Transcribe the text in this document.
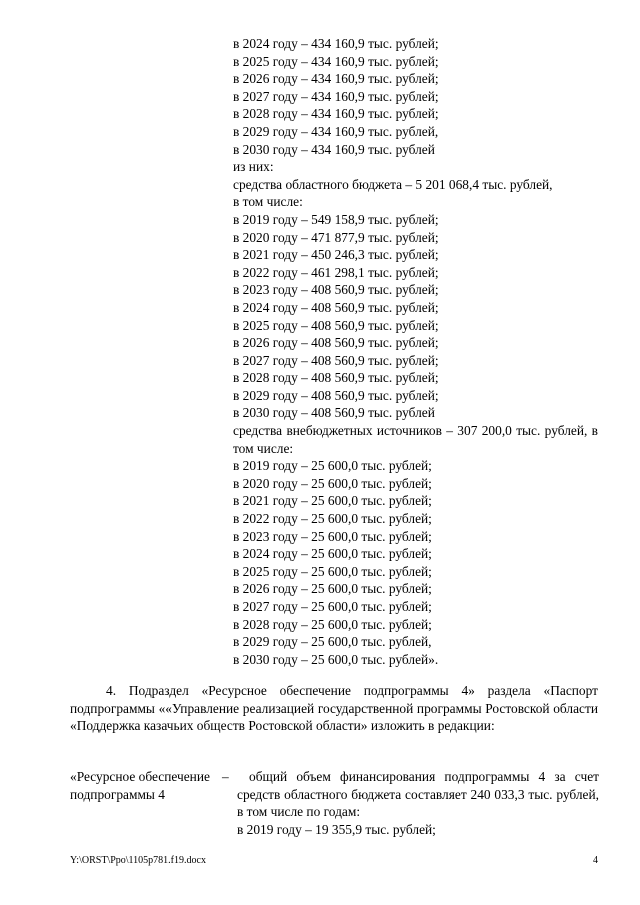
в 2024 году – 434 160,9 тыс. рублей;
в 2025 году – 434 160,9 тыс. рублей;
в 2026 году – 434 160,9 тыс. рублей;
в 2027 году – 434 160,9 тыс. рублей;
в 2028 году – 434 160,9 тыс. рублей;
в 2029 году – 434 160,9 тыс. рублей,
в 2030 году – 434 160,9 тыс. рублей
из них:
средства областного бюджета – 5 201 068,4 тыс. рублей,
в том числе:
в 2019 году – 549 158,9 тыс. рублей;
в 2020 году – 471 877,9 тыс. рублей;
в 2021 году – 450 246,3 тыс. рублей;
в 2022 году – 461 298,1 тыс. рублей;
в 2023 году – 408 560,9 тыс. рублей;
в 2024 году – 408 560,9 тыс. рублей;
в 2025 году – 408 560,9 тыс. рублей;
в 2026 году – 408 560,9 тыс. рублей;
в 2027 году – 408 560,9 тыс. рублей;
в 2028 году – 408 560,9 тыс. рублей;
в 2029 году – 408 560,9 тыс. рублей;
в 2030 году – 408 560,9 тыс. рублей
средства внебюджетных источников – 307 200,0 тыс. рублей, в том числе:
в 2019 году – 25 600,0 тыс. рублей;
в 2020 году – 25 600,0 тыс. рублей;
в 2021 году – 25 600,0 тыс. рублей;
в 2022 году – 25 600,0 тыс. рублей;
в 2023 году – 25 600,0 тыс. рублей;
в 2024 году – 25 600,0 тыс. рублей;
в 2025 году – 25 600,0 тыс. рублей;
в 2026 году – 25 600,0 тыс. рублей;
в 2027 году – 25 600,0 тыс. рублей;
в 2028 году – 25 600,0 тыс. рублей;
в 2029 году – 25 600,0 тыс. рублей,
в 2030 году – 25 600,0 тыс. рублей».
4. Подраздел «Ресурсное обеспечение подпрограммы 4» раздела «Паспорт подпрограммы ««Управление реализацией государственной программы Ростовской области «Поддержка казачьих обществ Ростовской области» изложить в редакции:
«Ресурсное обеспечение подпрограммы 4
–	общий объем финансирования подпрограммы 4 за счет средств областного бюджета составляет 240 033,3 тыс. рублей, в том числе по годам:
в 2019 году – 19 355,9 тыс. рублей;
Y:\ORST\Ppo\1105p781.f19.docx	4
